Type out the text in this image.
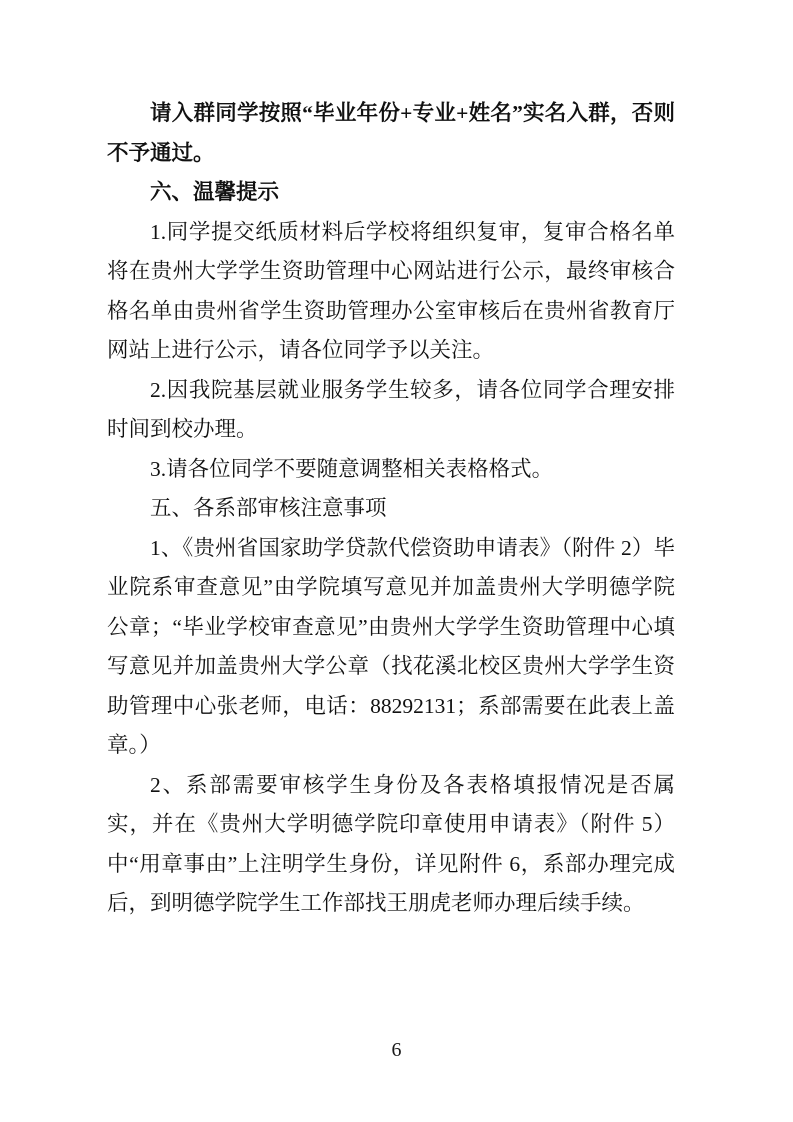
请入群同学按照“毕业年份+专业+姓名”实名入群，否则不予通过。

六、温馨提示

1.同学提交纸质材料后学校将组织复审，复审合格名单将在贵州大学学生资助管理中心网站进行公示，最终审核合格名单由贵州省学生资助管理办公室审核后在贵州省教育厅网站上进行公示，请各位同学予以关注。

2.因我院基层就业服务学生较多，请各位同学合理安排时间到校办理。

3.请各位同学不要随意调整相关表格格式。

五、各系部审核注意事项

1、《贵州省国家助学贷款代偿资助申请表》（附件 2）毕业院系审查意见”由学院填写意见并加盖贵州大学明德学院公章；“毕业学校审查意见”由贵州大学学生资助管理中心填写意见并加盖贵州大学公章（找花溪北校区贵州大学学生资助管理中心张老师，电话：88292131；系部需要在此表上盖章。）

2、系部需要审核学生身份及各表格填报情况是否属实，并在《贵州大学明德学院印章使用申请表》（附件 5）中“用章事由”上注明学生身份，详见附件 6，系部办理完成后，到明德学院学生工作部找王朋虎老师办理后续手续。

6
